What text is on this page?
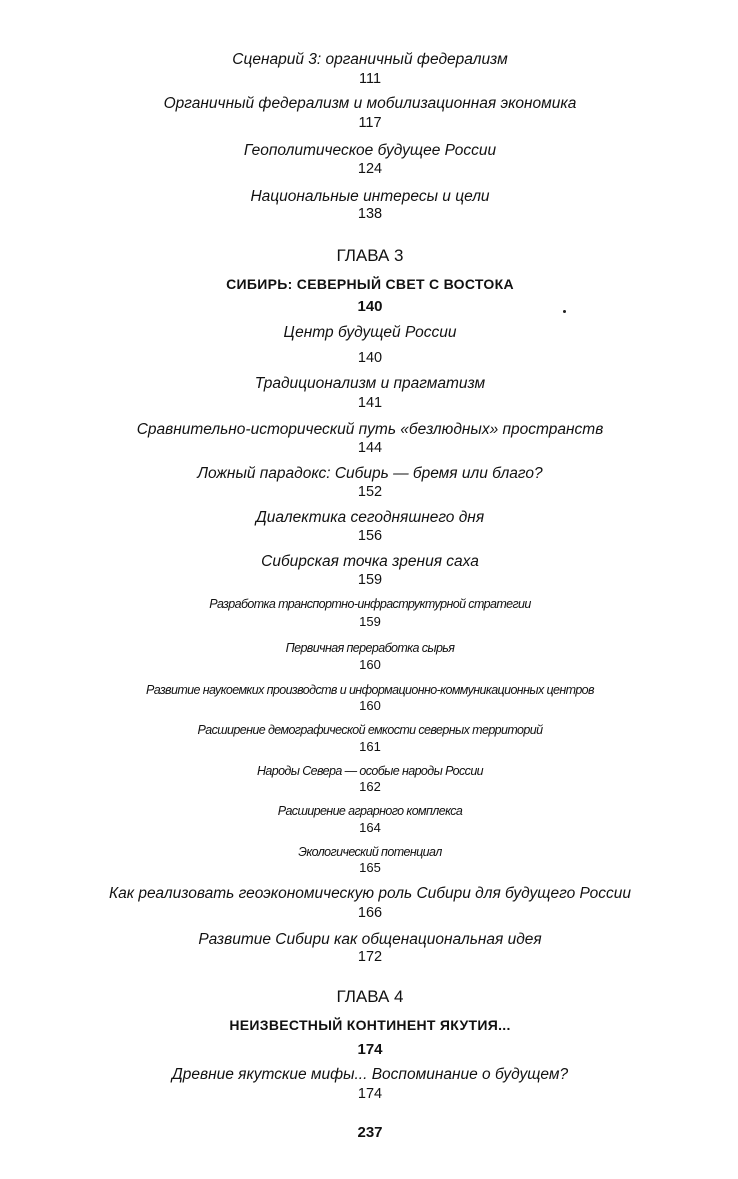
Сценарий 3: органичный федерализм
111
Органичный федерализм и мобилизационная экономика
117
Геополитическое будущее России
124
Национальные интересы и цели
138
ГЛАВА 3
СИБИРЬ: СЕВЕРНЫЙ СВЕТ С ВОСТОКА
140
Центр будущей России
140
Традиционализм и прагматизм
141
Сравнительно-исторический путь «безлюдных» пространств
144
Ложный парадокс: Сибирь — бремя или благо?
152
Диалектика сегодняшнего дня
156
Сибирская точка зрения саха
159
Разработка транспортно-инфраструктурной стратегии
159
Первичная переработка сырья
160
Развитие наукоемких производств и информационно-коммуникационных центров
160
Расширение демографической емкости северных территорий
161
Народы Севера — особые народы России
162
Расширение аграрного комплекса
164
Экологический потенциал
165
Как реализовать геоэкономическую роль Сибири для будущего России
166
Развитие Сибири как общенациональная идея
172
ГЛАВА 4
НЕИЗВЕСТНЫЙ КОНТИНЕНТ ЯКУТИЯ...
174
Древние якутские мифы... Воспоминание о будущем?
174
237
